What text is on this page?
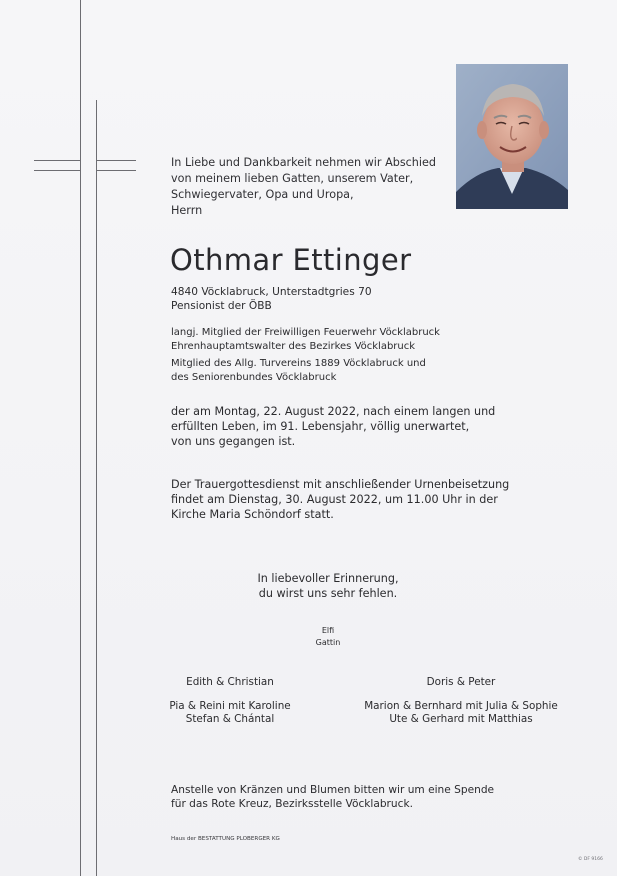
In Liebe und Dankbarkeit nehmen wir Abschied
von meinem lieben Gatten, unserem Vater,
Schwiegervater, Opa und Uropa,
Herrn
Othmar Ettinger
4840 Vöcklabruck, Unterstadtgries 70
Pensionist der ÖBB
langj. Mitglied der Freiwilligen Feuerwehr Vöcklabruck
Ehrenhauptamtswalter des Bezirkes Vöcklabruck
Mitglied des Allg. Turvereins 1889 Vöcklabruck und
des Seniorenbundes Vöcklabruck
der am Montag, 22. August 2022, nach einem langen und
erfüllten Leben, im 91. Lebensjahr, völlig unerwartet,
von uns gegangen ist.
Der Trauergottesdienst mit anschließender Urnenbeisetzung
findet am Dienstag, 30. August 2022, um 11.00 Uhr in der
Kirche Maria Schöndorf statt.
In liebevoller Erinnerung,
du wirst uns sehr fehlen.
Elfi
Gattin
Edith & Christian
Pia & Reini mit Karoline
Stefan & Chántal
Doris & Peter
Marion & Bernhard mit Julia & Sophie
Ute & Gerhard mit Matthias
Anstelle von Kränzen und Blumen bitten wir um eine Spende
für das Rote Kreuz, Bezirksstelle Vöcklabruck.
Haus der BESTATTUNG PLOBERGER KG
© DF 9166
